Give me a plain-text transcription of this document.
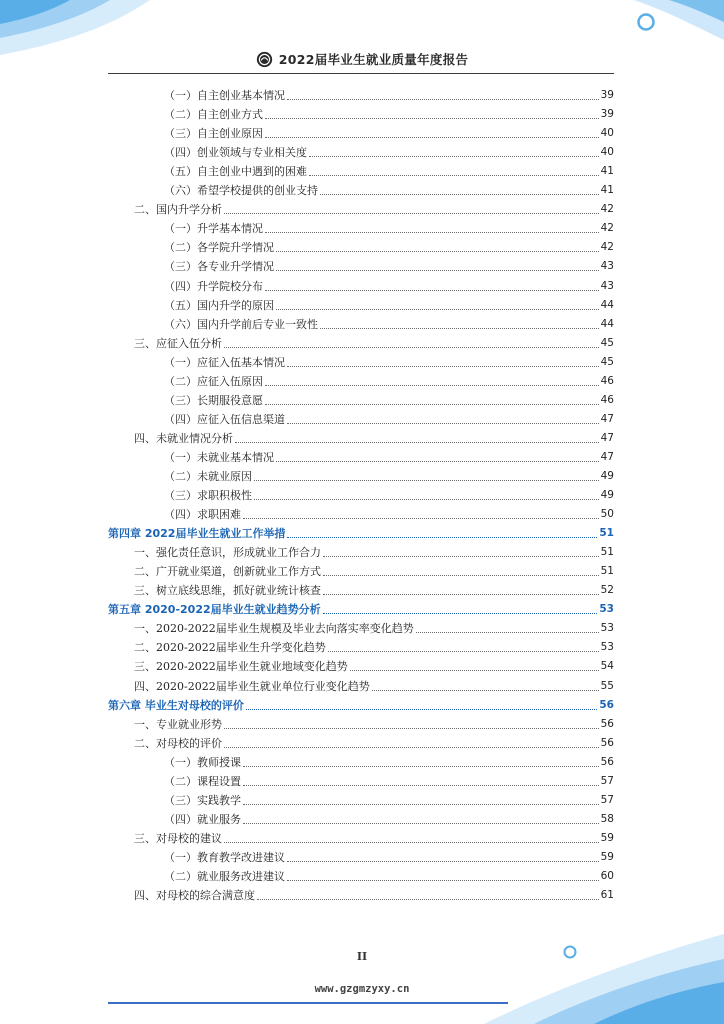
2022届毕业生就业质量年度报告
（一）自主创业基本情况	39
（二）自主创业方式	39
（三）自主创业原因	40
（四）创业领域与专业相关度	40
（五）自主创业中遇到的困难	41
（六）希望学校提供的创业支持	41
二、国内升学分析	42
（一）升学基本情况	42
（二）各学院升学情况	42
（三）各专业升学情况	43
（四）升学院校分布	43
（五）国内升学的原因	44
（六）国内升学前后专业一致性	44
三、应征入伍分析	45
（一）应征入伍基本情况	45
（二）应征入伍原因	46
（三）长期服役意愿	46
（四）应征入伍信息渠道	47
四、未就业情况分析	47
（一）未就业基本情况	47
（二）未就业原因	49
（三）求职积极性	49
（四）求职困难	50
第四章 2022届毕业生就业工作举措	51
一、强化责任意识，形成就业工作合力	51
二、广开就业渠道，创新就业工作方式	51
三、树立底线思维，抓好就业统计核查	52
第五章 2020-2022届毕业生就业趋势分析	53
一、2020-2022届毕业生规模及毕业去向落实率变化趋势	53
二、2020-2022届毕业生升学变化趋势	53
三、2020-2022届毕业生就业地域变化趋势	54
四、2020-2022届毕业生就业单位行业变化趋势	55
第六章 毕业生对母校的评价	56
一、专业就业形势	56
二、对母校的评价	56
（一）教师授课	56
（二）课程设置	57
（三）实践教学	57
（四）就业服务	58
三、对母校的建议	59
（一）教育教学改进建议	59
（二）就业服务改进建议	60
四、对母校的综合满意度	61
II
www.gzgmzyxy.cn
